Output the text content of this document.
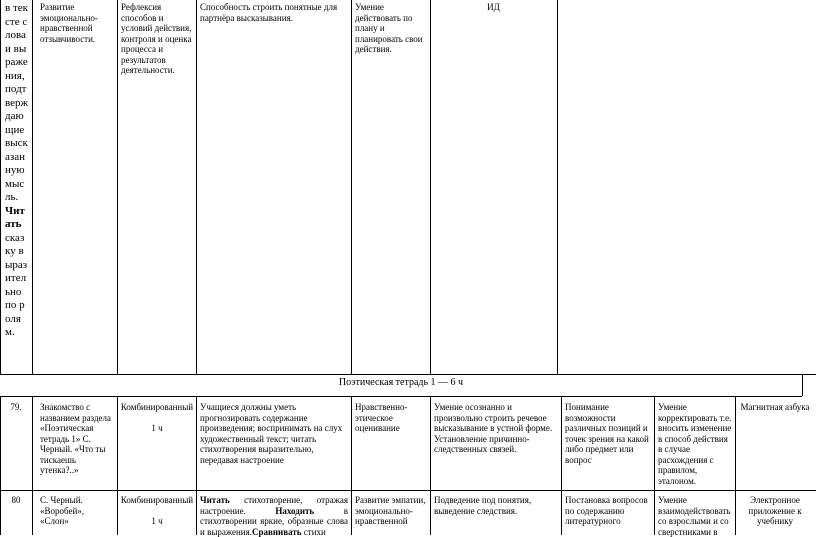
в тексте слова и выражения, подтверждающие высказанную мысль. Читать сказку выразительно по ролям.
Развитие эмоционально-нравственной отзывчивости.
Рефлексия способов и условий действия, контроля и оценка процесса и результатов деятельности.
Способность строить понятные для партнёра высказывания.
Умение действовать по плану и планировать свои действия.
ИД
Поэтическая тетрадь 1 — 6 ч
79.	Знакомство с названием раздела «Поэтическая тетрадь 1» С. Черный. «Что ты тискаешь утенка?..»
Комбинированный
1 ч
Учащиеся должны уметь прогнозировать содержание произведения; воспринимать на слух художественный текст; читать стихотворения выразительно, передавая настроение
Нравственно-этическое оценивание
Умение осознанно и произвольно строить речевое высказывание в устной форме. Установление причинно-следственных связей.
Понимание возможности различных позиций и точек зрения на какой либо предмет или вопрос
Умение корректировать т.е. вносить изменение в способ действия в случае расхождения с правилом, эталоном.
Магнитная азбука
80	С. Черный. «Воробей», «Слон»
Комбинированный
1 ч
Читать стихотворение, отражая настроение. Находить в стихотворении яркие, образные слова и выражения.Сравнивать стихи
Развитие эмпатии, эмоционально-нравственной
Подведение под понятия, выведение следствия.
Постановка вопросов по содержанию литературного
Умение взаимодействовать со взрослыми и со сверстниками в
Электронное приложение к учебнику
